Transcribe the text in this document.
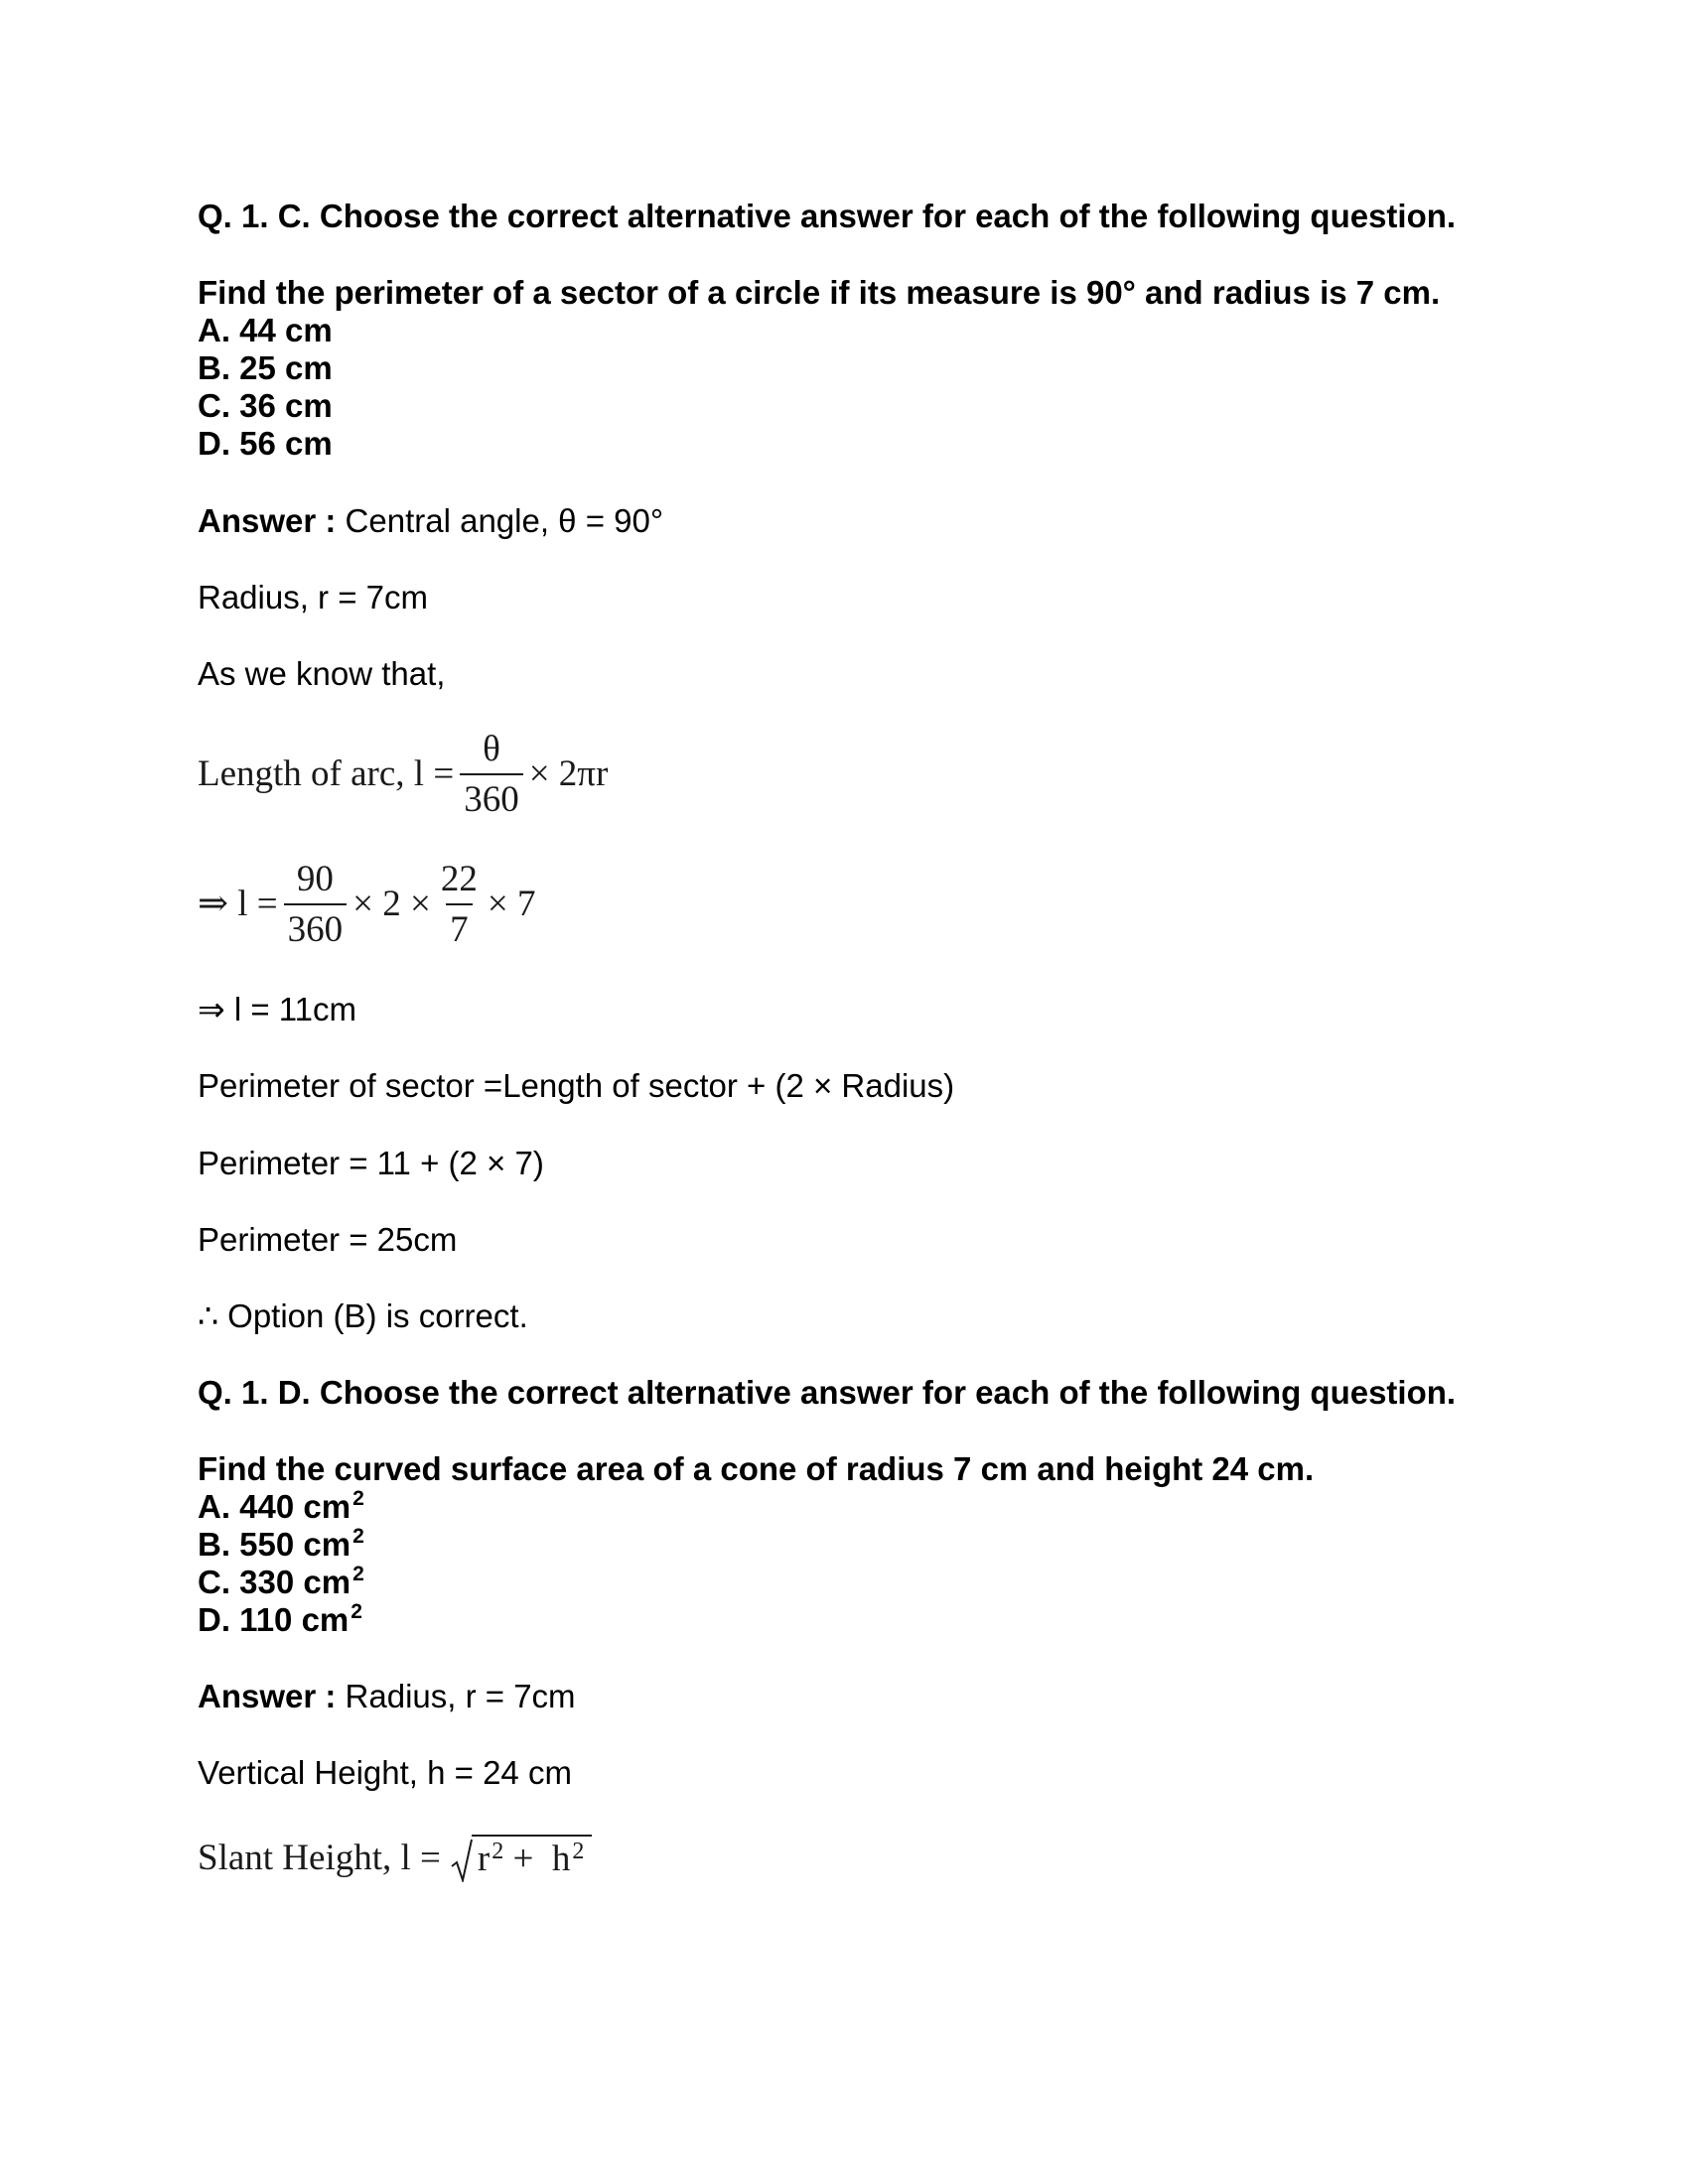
Q. 1. C. Choose the correct alternative answer for each of the following question.
Find the perimeter of a sector of a circle if its measure is 90° and radius is 7 cm.
A. 44 cm
B. 25 cm
C. 36 cm
D. 56 cm
Answer : Central angle, θ = 90°
Radius, r = 7cm
As we know that,
Length of arc, $l = \frac{\theta}{360} \times 2\pi r$
⇒ $l = \frac{90}{360} \times 2 \times \frac{22}{7} \times 7$
⇒ l = 11cm
Perimeter of sector =Length of sector + (2 × Radius)
Perimeter = 11 + (2 × 7)
Perimeter = 25cm
∴ Option (B) is correct.
Q. 1. D. Choose the correct alternative answer for each of the following question.
Find the curved surface area of a cone of radius 7 cm and height 24 cm.
A. 440 $cm^2$
B. 550 $cm^2$
C. 330 $cm^2$
D. 110 $cm^2$
Answer : Radius, r = 7cm
Vertical Height, h = 24 cm
Slant Height, $l = r^2 + h^2$
